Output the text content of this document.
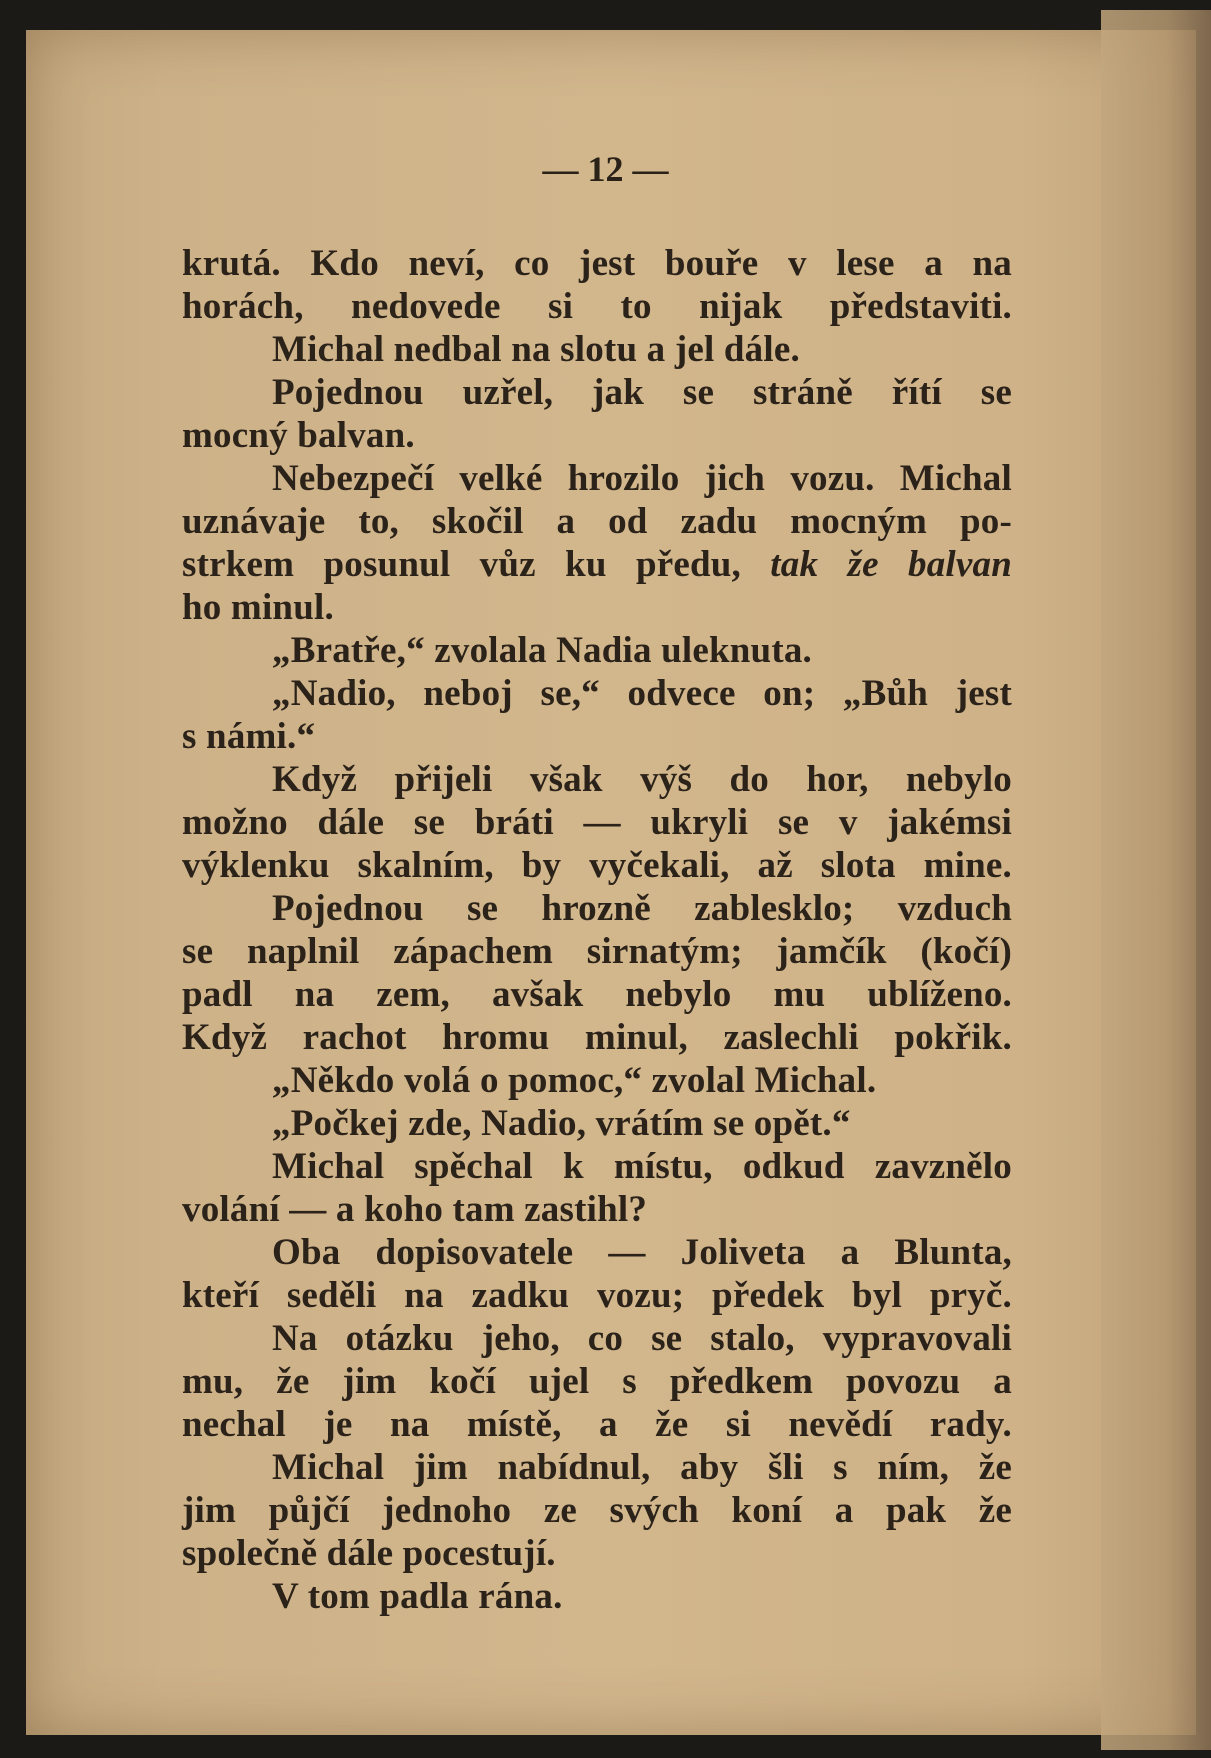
— 12 —
krutá. Kdo neví, co jest bouře v lese a na
horách, nedovede si to nijak představiti.
Michal nedbal na slotu a jel dále.
Pojednou uzřel, jak se stráně řítí se
mocný balvan.
Nebezpečí velké hrozilo jich vozu. Michal
uznávaje to, skočil a od zadu mocným po-
strkem posunul vůz ku předu, tak že balvan
ho minul.
„Bratře,“ zvolala Nadia uleknuta.
„Nadio, neboj se,“ odvece on; „Bůh jest
s námi.“
Když přijeli však výš do hor, nebylo
možno dále se bráti — ukryli se v jakémsi
výklenku skalním, by vyčekali, až slota mine.
Pojednou se hrozně zablesklo; vzduch
se naplnil zápachem sirnatým; jamčík (kočí)
padl na zem, avšak nebylo mu ublíženo.
Když rachot hromu minul, zaslechli pokřik.
„Někdo volá o pomoc,“ zvolal Michal.
„Počkej zde, Nadio, vrátím se opět.“
Michal spěchal k místu, odkud zavznělo
volání — a koho tam zastihl?
Oba dopisovatele — Joliveta a Blunta,
kteří seděli na zadku vozu; předek byl pryč.
Na otázku jeho, co se stalo, vypravovali
mu, že jim kočí ujel s předkem povozu a
nechal je na místě, a že si nevědí rady.
Michal jim nabídnul, aby šli s ním, že
jim půjčí jednoho ze svých koní a pak že
společně dále pocestují.
V tom padla rána.
